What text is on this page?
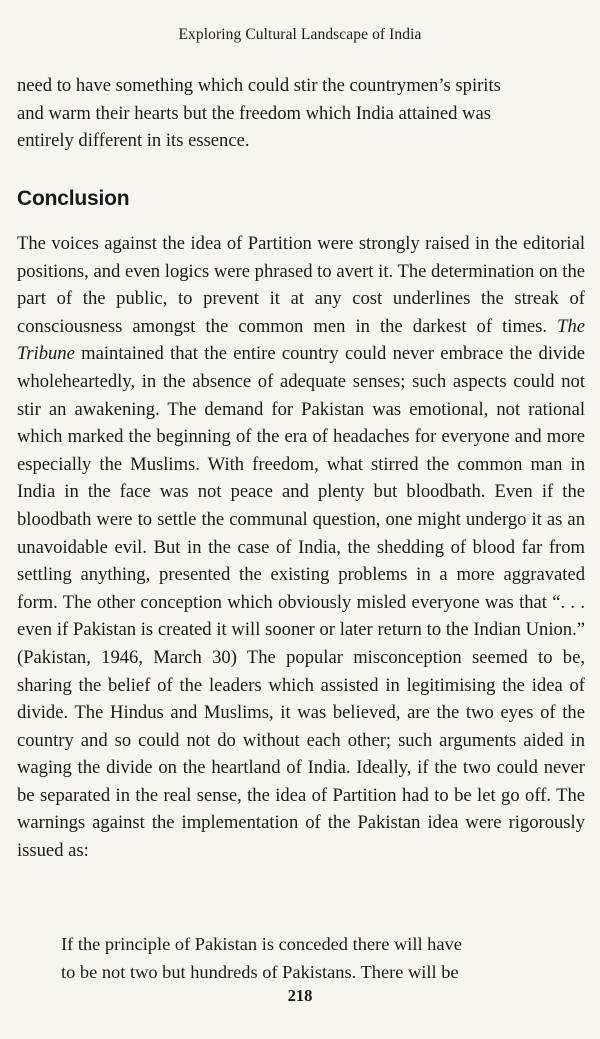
Exploring Cultural Landscape of India

need to have something which could stir the countrymen’s spirits
and warm their hearts but the freedom which India attained was
entirely different in its essence.

Conclusion

The voices against the idea of Partition were strongly raised in the editorial positions, and even logics were phrased to avert it. The determination on the part of the public, to prevent it at any cost underlines the streak of consciousness amongst the common men in the darkest of times. The Tribune maintained that the entire country could never embrace the divide wholeheartedly, in the absence of adequate senses; such aspects could not stir an awakening. The demand for Pakistan was emotional, not rational which marked the beginning of the era of headaches for everyone and more especially the Muslims. With freedom, what stirred the common man in India in the face was not peace and plenty but bloodbath. Even if the bloodbath were to settle the communal question, one might undergo it as an unavoidable evil. But in the case of India, the shedding of blood far from settling anything, presented the existing problems in a more aggravated form. The other conception which obviously misled everyone was that “. . . even if Pakistan is created it will sooner or later return to the Indian Union.” (Pakistan, 1946, March 30) The popular misconception seemed to be, sharing the belief of the leaders which assisted in legitimising the idea of divide. The Hindus and Muslims, it was believed, are the two eyes of the country and so could not do without each other; such arguments aided in waging the divide on the heartland of India. Ideally, if the two could never be separated in the real sense, the idea of Partition had to be let go off. The warnings against the implementation of the Pakistan idea were rigorously issued as:

If the principle of Pakistan is conceded there will have
to be not two but hundreds of Pakistans. There will be

218
